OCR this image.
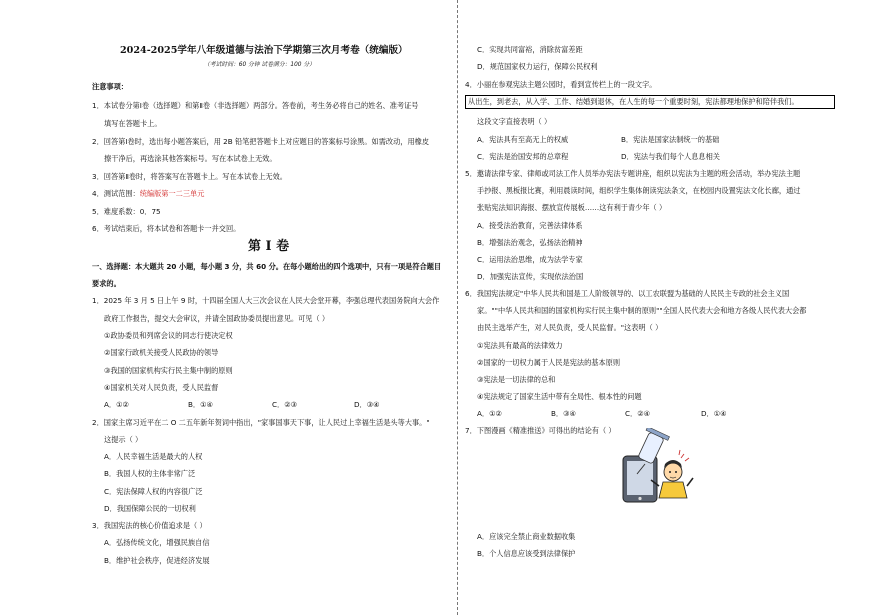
2024-2025学年八年级道德与法治下学期第三次月考卷（统编版）
（考试时间：60 分钟 试卷满分：100 分）
注意事项：
1．本试卷分第Ⅰ卷（选择题）和第Ⅱ卷（非选择题）两部分。答卷前，考生务必将自己的姓名、准考证号
填写在答题卡上。
2．回答第Ⅰ卷时，选出每小题答案后，用 2B 铅笔把答题卡上对应题目的答案标号涂黑。如需改动，用橡皮
擦干净后，再选涂其他答案标号。写在本试卷上无效。
3．回答第Ⅱ卷时，将答案写在答题卡上。写在本试卷上无效。
4．测试范围：统编版第一二三单元
5．难度系数：0．75
6．考试结束后，将本试卷和答题卡一并交回。
第 Ⅰ 卷
一、选择题：本大题共 20 小题，每小题 3 分，共 60 分。在每小题给出的四个选项中，只有一项是符合题目
要求的。
1．2025 年 3 月 5 日上午 9 时，十四届全国人大三次会议在人民大会堂开幕，李强总理代表国务院向大会作
政府工作报告，提交大会审议，并请全国政协委员提出意见。可见（ ）
①政协委员和列席会议的同志行使决定权
②国家行政机关接受人民政协的领导
③我国的国家机构实行民主集中制的原则
④国家机关对人民负责，受人民监督
A．①②	B．①④	C．②③	D．③④
2．国家主席习近平在二 O 二五年新年贺词中指出，"家事国事天下事，让人民过上幸福生活是头等大事。"
这提示（ ）
A．人民幸福生活是最大的人权
B．我国人权的主体非常广泛
C．宪法保障人权的内容很广泛
D．我国保障公民的一切权利
3．我国宪法的核心价值追求是（ ）
A．弘扬传统文化，增强民族自信
B．维护社会秩序，促进经济发展
C．实现共同富裕，消除贫富差距
D．规范国家权力运行，保障公民权利
4．小丽在参观宪法主题公园时，看到宣传栏上的一段文字。
从出生，到老去，从入学、工作、结婚到退休，在人生的每一个重要时刻，宪法都理地保护和陪伴我们。
这段文字直接表明（ ）
A．宪法具有至高无上的权威	B．宪法是国家法制统一的基础
C．宪法是治国安邦的总章程	D．宪法与我们每个人息息相关
5．邀请法律专家、律师或司法工作人员举办宪法专题讲座，组织以宪法为主题的班会活动，举办宪法主题
手抄报、黑板报比赛，利用晨读时间，组织学生集体朗读宪法条文，在校园内设置宪法文化长廊，通过
张贴宪法知识海报、摆放宣传展板……这有利于青少年（ ）
A．接受法治教育，完善法律体系
B．增强法治观念，弘扬法治精神
C．运用法治思维，成为法学专家
D．加强宪法宣传，实现依法治国
6．我国宪法规定"中华人民共和国是工人阶级领导的、以工农联盟为基础的人民民主专政的社会主义国
家。""中华人民共和国的国家机构实行民主集中制的原则""全国人民代表大会和地方各级人民代表大会都
由民主选举产生，对人民负责，受人民监督。"这表明（ ）
①宪法具有最高的法律效力
②国家的一切权力属于人民是宪法的基本原则
③宪法是一切法律的总和
④宪法规定了国家生活中带有全局性、根本性的问题
A．①②	B．③④	C．②④	D．①④
7．下图漫画《精准推送》可得出的结论有（ ）
A．应该完全禁止商业数据收集
B．个人信息应该受到法律保护
